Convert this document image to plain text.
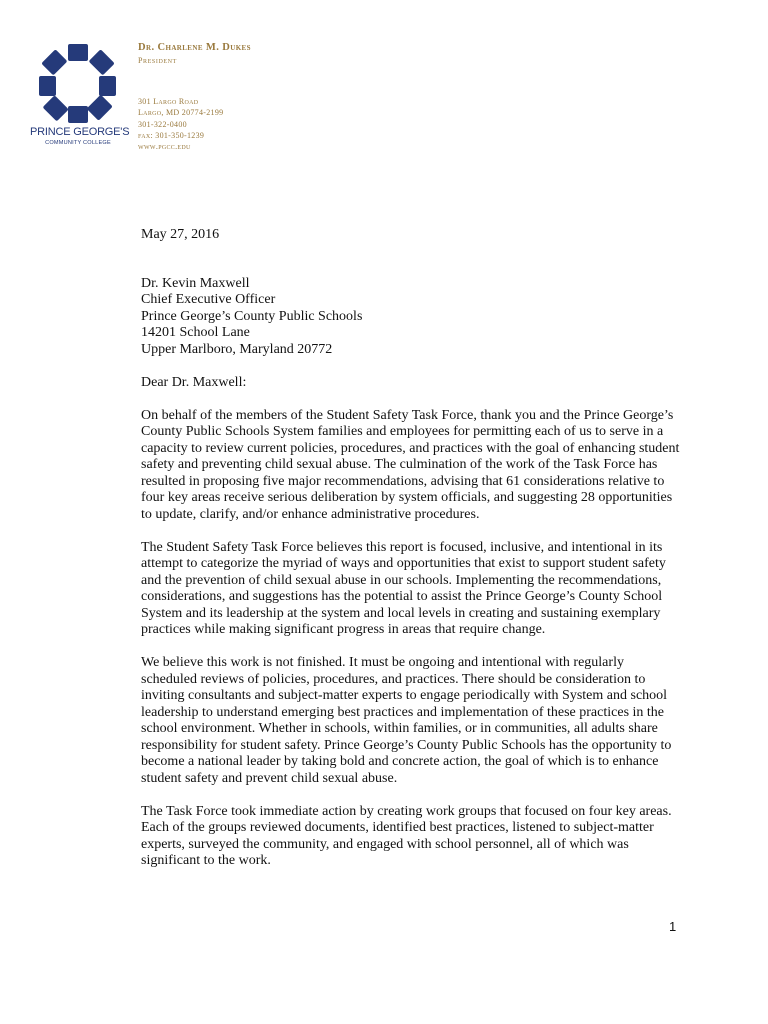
PRINCE GEORGE'S
COMMUNITY COLLEGE
Dr. Charlene M. Dukes
President
301 Largo Road
Largo, MD 20774-2199
301-322-0400
fax: 301-350-1239
www.pgcc.edu
May 27, 2016
Dr. Kevin Maxwell
Chief Executive Officer
Prince George’s County Public Schools
14201 School Lane
Upper Marlboro, Maryland 20772
Dear Dr. Maxwell:

On behalf of the members of the Student Safety Task Force, thank you and the Prince George’s
County Public Schools System families and employees for permitting each of us to serve in a
capacity to review current policies, procedures, and practices with the goal of enhancing student
safety and preventing child sexual abuse. The culmination of the work of the Task Force has
resulted in proposing five major recommendations, advising that 61 considerations relative to
four key areas receive serious deliberation by system officials, and suggesting 28 opportunities
to update, clarify, and/or enhance administrative procedures.

The Student Safety Task Force believes this report is focused, inclusive, and intentional in its
attempt to categorize the myriad of ways and opportunities that exist to support student safety
and the prevention of child sexual abuse in our schools. Implementing the recommendations,
considerations, and suggestions has the potential to assist the Prince George’s County School
System and its leadership at the system and local levels in creating and sustaining exemplary
practices while making significant progress in areas that require change.

We believe this work is not finished. It must be ongoing and intentional with regularly
scheduled reviews of policies, procedures, and practices. There should be consideration to
inviting consultants and subject-matter experts to engage periodically with System and school
leadership to understand emerging best practices and implementation of these practices in the
school environment. Whether in schools, within families, or in communities, all adults share
responsibility for student safety. Prince George’s County Public Schools has the opportunity to
become a national leader by taking bold and concrete action, the goal of which is to enhance
student safety and prevent child sexual abuse.

The Task Force took immediate action by creating work groups that focused on four key areas.
Each of the groups reviewed documents, identified best practices, listened to subject-matter
experts, surveyed the community, and engaged with school personnel, all of which was
significant to the work.

1
